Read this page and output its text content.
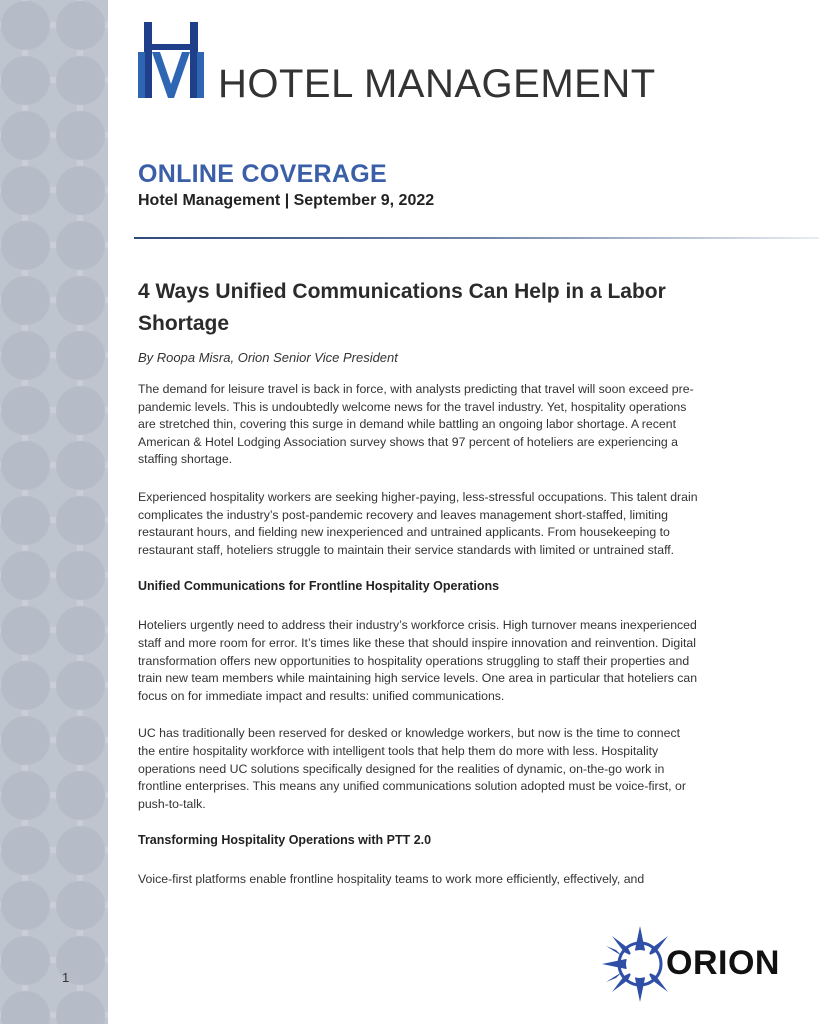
1
HOTEL MANAGEMENT
ONLINE COVERAGE
Hotel Management | September 9, 2022
4 Ways Unified Communications Can Help in a Labor Shortage

By Roopa Misra, Orion Senior Vice President

The demand for leisure travel is back in force, with analysts predicting that travel will soon exceed pre-pandemic levels. This is undoubtedly welcome news for the travel industry. Yet, hospitality operations are stretched thin, covering this surge in demand while battling an ongoing labor shortage. A recent American & Hotel Lodging Association survey shows that 97 percent of hoteliers are experiencing a staffing shortage.

Experienced hospitality workers are seeking higher-paying, less-stressful occupations. This talent drain complicates the industry’s post-pandemic recovery and leaves management short-staffed, limiting restaurant hours, and fielding new inexperienced and untrained applicants. From housekeeping to restaurant staff, hoteliers struggle to maintain their service standards with limited or untrained staff.

Unified Communications for Frontline Hospitality Operations

Hoteliers urgently need to address their industry’s workforce crisis. High turnover means inexperienced staff and more room for error. It’s times like these that should inspire innovation and reinvention. Digital transformation offers new opportunities to hospitality operations struggling to staff their properties and train new team members while maintaining high service levels. One area in particular that hoteliers can focus on for immediate impact and results: unified communications.

UC has traditionally been reserved for desked or knowledge workers, but now is the time to connect the entire hospitality workforce with intelligent tools that help them do more with less. Hospitality operations need UC solutions specifically designed for the realities of dynamic, on-the-go work in frontline enterprises. This means any unified communications solution adopted must be voice-first, or push-to-talk.

Transforming Hospitality Operations with PTT 2.0

Voice-first platforms enable frontline hospitality teams to work more efficiently, effectively, and

ORION
